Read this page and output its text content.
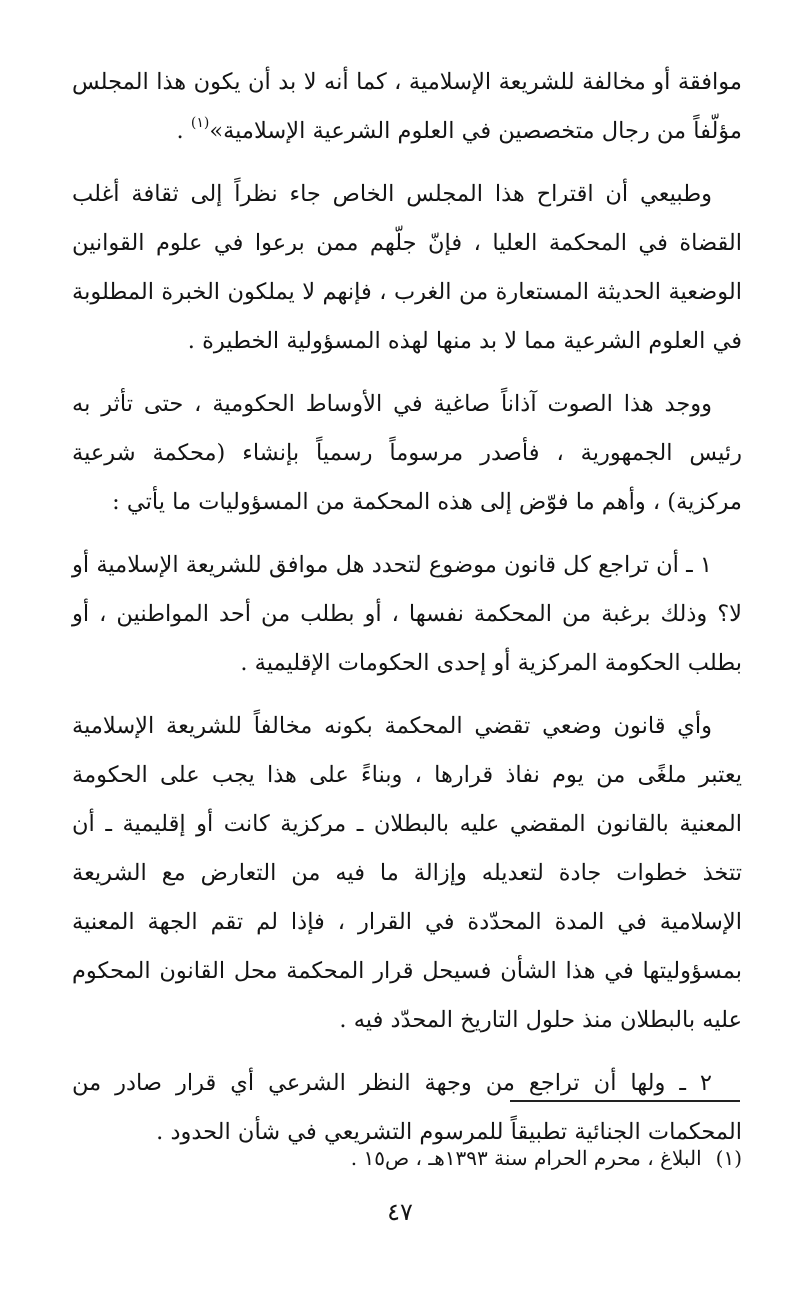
موافقة أو مخالفة للشريعة الإسلامية ، كما أنه لا بد أن يكون هذا المجلس مؤلّفاً من رجال متخصصين في العلوم الشرعية الإسلامية»$^{(١)}$ .

وطبيعي أن اقتراح هذا المجلس الخاص جاء نظراً إلى ثقافة أغلب القضاة في المحكمة العليا ، فإنّ جلّهم ممن برعوا في علوم القوانين الوضعية الحديثة المستعارة من الغرب ، فإنهم لا يملكون الخبرة المطلوبة في العلوم الشرعية مما لا بد منها لهذه المسؤولية الخطيرة .

ووجد هذا الصوت آذاناً صاغية في الأوساط الحكومية ، حتى تأثر به رئيس الجمهورية ، فأصدر مرسوماً رسمياً بإنشاء (محكمة شرعية مركزية) ، وأهم ما فوّض إلى هذه المحكمة من المسؤوليات ما يأتي :

١ ـ أن تراجع كل قانون موضوع لتحدد هل موافق للشريعة الإسلامية أو لا؟ وذلك برغبة من المحكمة نفسها ، أو بطلب من أحد المواطنين ، أو بطلب الحكومة المركزية أو إحدى الحكومات الإقليمية .

وأي قانون وضعي تقضي المحكمة بكونه مخالفاً للشريعة الإسلامية يعتبر ملغًى من يوم نفاذ قرارها ، وبناءً على هذا يجب على الحكومة المعنية بالقانون المقضي عليه بالبطلان ـ مركزية كانت أو إقليمية ـ أن تتخذ خطوات جادة لتعديله وإزالة ما فيه من التعارض مع الشريعة الإسلامية في المدة المحدّدة في القرار ، فإذا لم تقم الجهة المعنية بمسؤوليتها في هذا الشأن فسيحل قرار المحكمة محل القانون المحكوم عليه بالبطلان منذ حلول التاريخ المحدّد فيه .

٢ ـ ولها أن تراجع من وجهة النظر الشرعي أي قرار صادر من المحكمات الجنائية تطبيقاً للمرسوم التشريعي في شأن الحدود .

(١)البلاغ ، محرم الحرام سنة ١٣٩٣هـ ، ص١٥ .
٤٧
